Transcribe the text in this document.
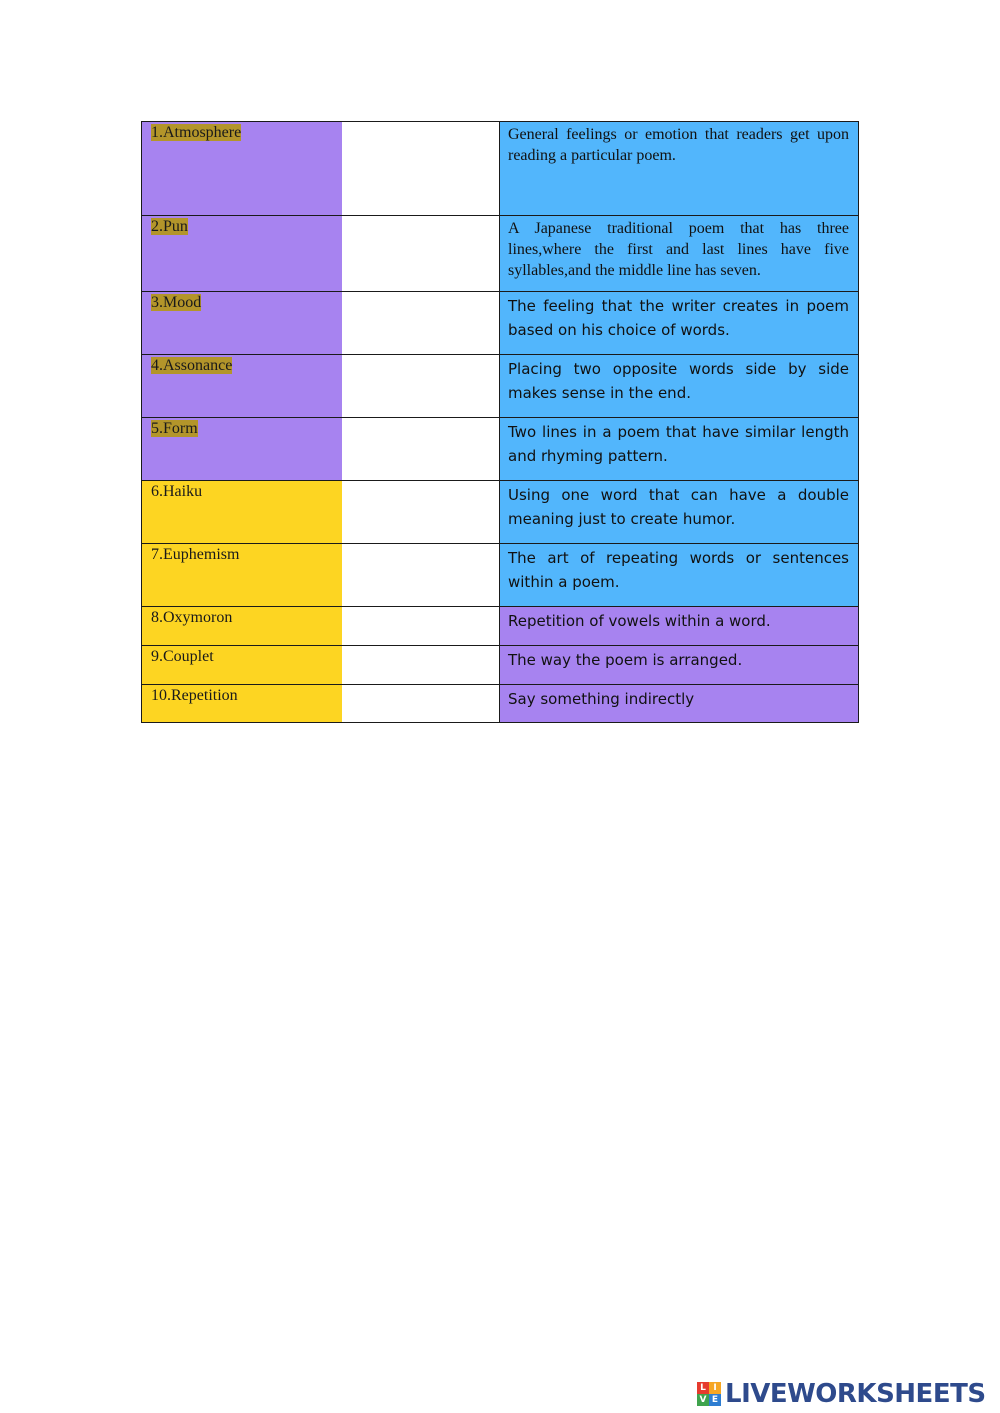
1.Atmosphere		General feelings or emotion that readers get upon reading a particular poem.
2.Pun		A Japanese traditional poem that has three lines,where the first and last lines have five syllables,and the middle line has seven.
3.Mood		The feeling that the writer creates in poem based on his choice of words.
4.Assonance		Placing two opposite words side by side makes sense in the end.
5.Form		Two lines in a poem that have similar length and rhyming pattern.
6.Haiku		Using one word that can have a double meaning just to create humor.
7.Euphemism		The art of repeating words or sentences within a poem.
8.Oxymoron		Repetition of vowels within a word.
9.Couplet		The way the poem is arranged.
10.Repetition		Say something indirectly
L I
V E LIVEWORKSHEETS
